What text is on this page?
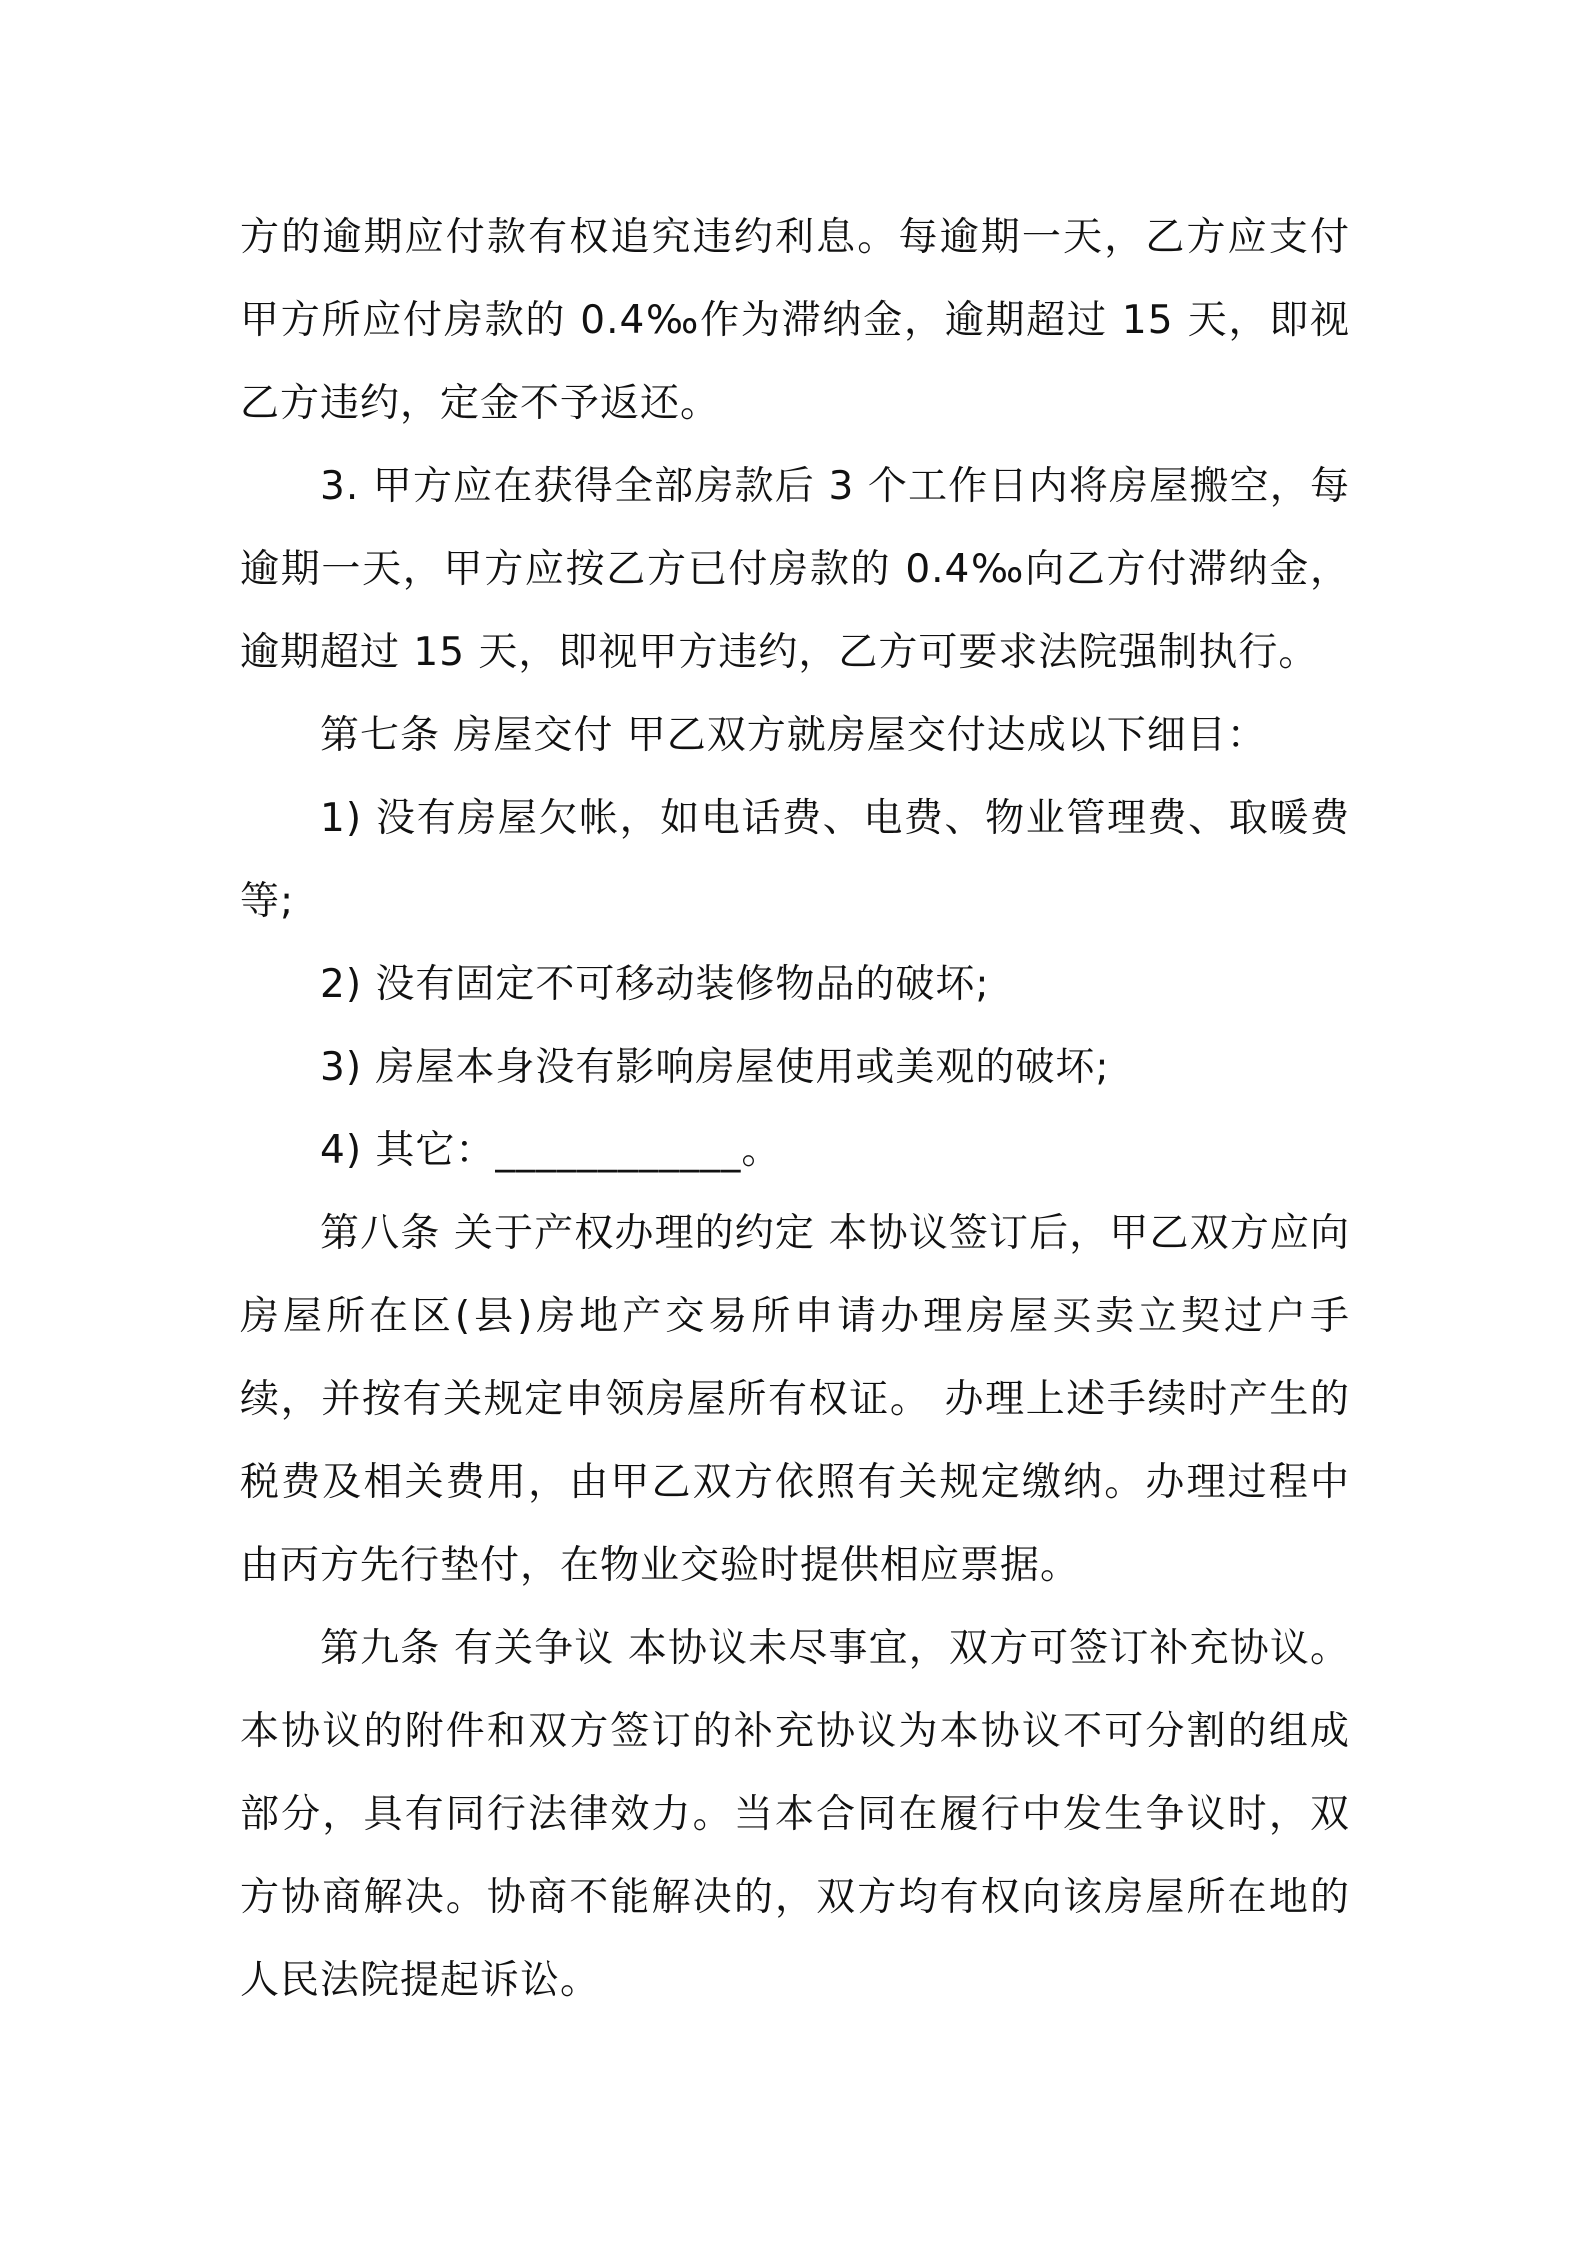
方的逾期应付款有权追究违约利息。每逾期一天，乙方应支付甲方所应付房款的 0.4‰作为滞纳金，逾期超过 15 天，即视乙方违约，定金不予返还。

3. 甲方应在获得全部房款后 3 个工作日内将房屋搬空，每逾期一天，甲方应按乙方已付房款的 0.4‰向乙方付滞纳金，逾期超过 15 天，即视甲方违约，乙方可要求法院强制执行。

第七条 房屋交付 甲乙双方就房屋交付达成以下细目：

1) 没有房屋欠帐，如电话费、电费、物业管理费、取暖费等;

2) 没有固定不可移动装修物品的破坏;

3) 房屋本身没有影响房屋使用或美观的破坏;

4) 其它：____________。

第八条 关于产权办理的约定 本协议签订后，甲乙双方应向房屋所在区(县)房地产交易所申请办理房屋买卖立契过户手续，并按有关规定申领房屋所有权证。 办理上述手续时产生的税费及相关费用，由甲乙双方依照有关规定缴纳。办理过程中由丙方先行垫付，在物业交验时提供相应票据。

第九条 有关争议 本协议未尽事宜，双方可签订补充协议。本协议的附件和双方签订的补充协议为本协议不可分割的组成部分，具有同行法律效力。当本合同在履行中发生争议时，双方协商解决。协商不能解决的，双方均有权向该房屋所在地的人民法院提起诉讼。
